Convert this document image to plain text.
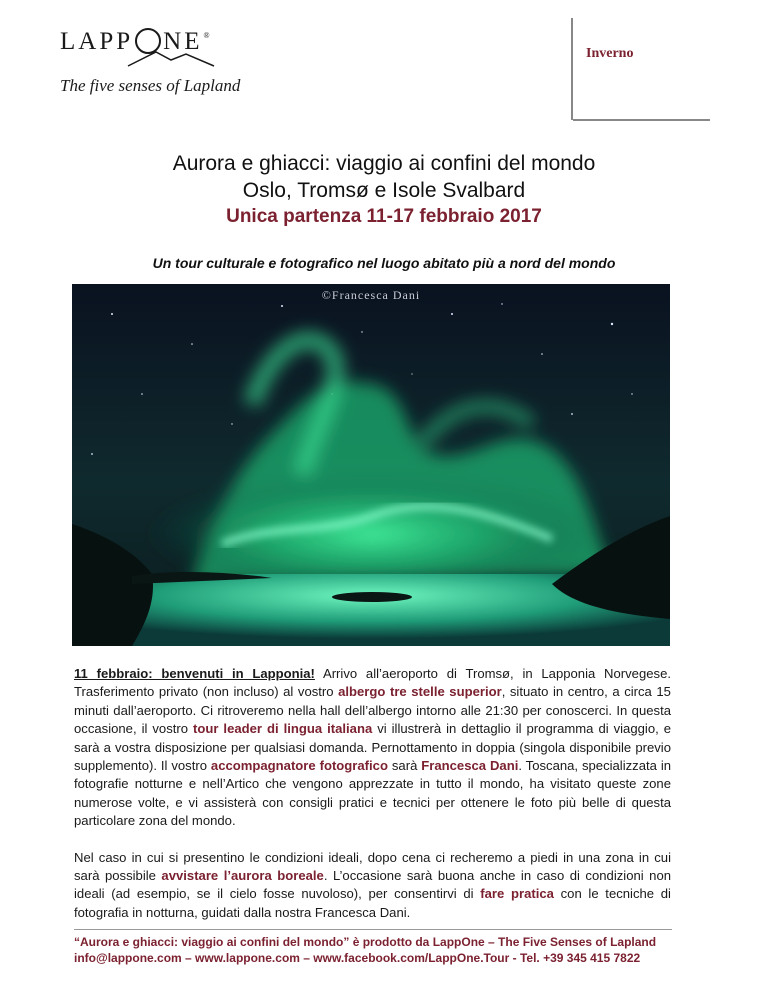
LAPP NE®
The five senses of Lapland
Inverno
Aurora e ghiacci: viaggio ai confini del mondo
Oslo, Tromsø e Isole Svalbard
Unica partenza 11-17 febbraio 2017
Un tour culturale e fotografico nel luogo abitato più a nord del mondo
©Francesca Dani

11 febbraio: benvenuti in Lapponia! Arrivo all’aeroporto di Tromsø, in Lapponia Norvegese. Trasferimento privato (non incluso) al vostro albergo tre stelle superior, situato in centro, a circa 15 minuti dall’aeroporto. Ci ritroveremo nella hall dell’albergo intorno alle 21:30 per conoscerci. In questa occasione, il vostro tour leader di lingua italiana vi illustrerà in dettaglio il programma di viaggio, e sarà a vostra disposizione per qualsiasi domanda. Pernottamento in doppia (singola disponibile previo supplemento). Il vostro accompagnatore fotografico sarà Francesca Dani. Toscana, specializzata in fotografie notturne e nell’Artico che vengono apprezzate in tutto il mondo, ha visitato queste zone numerose volte, e vi assisterà con consigli pratici e tecnici per ottenere le foto più belle di questa particolare zona del mondo.

Nel caso in cui si presentino le condizioni ideali, dopo cena ci recheremo a piedi in una zona in cui sarà possibile avvistare l’aurora boreale. L’occasione sarà buona anche in caso di condizioni non ideali (ad esempio, se il cielo fosse nuvoloso), per consentirvi di fare pratica con le tecniche di fotografia in notturna, guidati dalla nostra Francesca Dani.

“Aurora e ghiacci: viaggio ai confini del mondo” è prodotto da LappOne – The Five Senses of Lapland
info@lappone.com – www.lappone.com – www.facebook.com/LappOne.Tour - Tel. +39 345 415 7822
